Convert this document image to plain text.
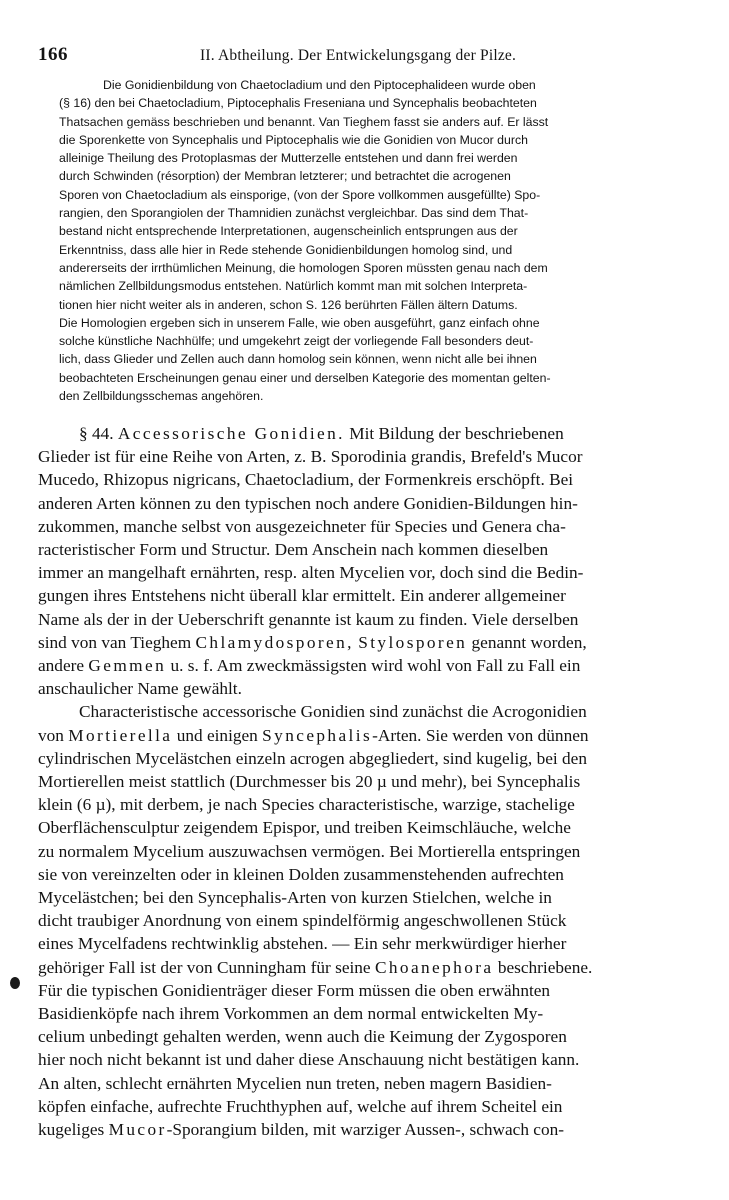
166	II. Abtheilung. Der Entwickelungsgang der Pilze.
Die Gonidienbildung von Chaetocladium und den Piptocephalideen wurde oben
(§ 16) den bei Chaetocladium, Piptocephalis Freseniana und Syncephalis beobachteten
Thatsachen gemäss beschrieben und benannt. Van Tieghem fasst sie anders auf. Er lässt
die Sporenkette von Syncephalis und Piptocephalis wie die Gonidien von Mucor durch
alleinige Theilung des Protoplasmas der Mutterzelle entstehen und dann frei werden
durch Schwinden (résorption) der Membran letzterer; und betrachtet die acrogenen
Sporen von Chaetocladium als einsporige, (von der Spore vollkommen ausgefüllte) Spo-
rangien, den Sporangiolen der Thamnidien zunächst vergleichbar. Das sind dem That-
bestand nicht entsprechende Interpretationen, augenscheinlich entsprungen aus der
Erkenntniss, dass alle hier in Rede stehende Gonidienbildungen homolog sind, und
andererseits der irrthümlichen Meinung, die homologen Sporen müssten genau nach dem
nämlichen Zellbildungsmodus entstehen. Natürlich kommt man mit solchen Interpreta-
tionen hier nicht weiter als in anderen, schon S. 126 berührten Fällen ältern Datums.
Die Homologien ergeben sich in unserem Falle, wie oben ausgeführt, ganz einfach ohne
solche künstliche Nachhülfe; und umgekehrt zeigt der vorliegende Fall besonders deut-
lich, dass Glieder und Zellen auch dann homolog sein können, wenn nicht alle bei ihnen
beobachteten Erscheinungen genau einer und derselben Kategorie des momentan gelten-
den Zellbildungsschemas angehören.

§ 44. Accessorische Gonidien. Mit Bildung der beschriebenen
Glieder ist für eine Reihe von Arten, z. B. Sporodinia grandis, Brefeld's Mucor
Mucedo, Rhizopus nigricans, Chaetocladium, der Formenkreis erschöpft. Bei
anderen Arten können zu den typischen noch andere Gonidien-Bildungen hin-
zukommen, manche selbst von ausgezeichneter für Species und Genera cha-
racteristischer Form und Structur. Dem Anschein nach kommen dieselben
immer an mangelhaft ernährten, resp. alten Mycelien vor, doch sind die Bedin-
gungen ihres Entstehens nicht überall klar ermittelt. Ein anderer allgemeiner
Name als der in der Ueberschrift genannte ist kaum zu finden. Viele derselben
sind von van Tieghem Chlamydosporen, Stylosporen genannt worden,
andere Gemmen u. s. f. Am zweckmässigsten wird wohl von Fall zu Fall ein
anschaulicher Name gewählt.

Characteristische accessorische Gonidien sind zunächst die Acrogonidien
von Mortierella und einigen Syncephalis-Arten. Sie werden von dünnen
cylindrischen Mycelästchen einzeln acrogen abgegliedert, sind kugelig, bei den
Mortierellen meist stattlich (Durchmesser bis 20 µ und mehr), bei Syncephalis
klein (6 µ), mit derbem, je nach Species characteristische, warzige, stachelige
Oberflächensculptur zeigendem Epispor, und treiben Keimschläuche, welche
zu normalem Mycelium auszuwachsen vermögen. Bei Mortierella entspringen
sie von vereinzelten oder in kleinen Dolden zusammenstehenden aufrechten
Mycelästchen; bei den Syncephalis-Arten von kurzen Stielchen, welche in
dicht traubiger Anordnung von einem spindelförmig angeschwollenen Stück
eines Mycelfadens rechtwinklig abstehen. — Ein sehr merkwürdiger hierher
gehöriger Fall ist der von Cunningham für seine Choanephora beschriebene.
Für die typischen Gonidienträger dieser Form müssen die oben erwähnten
Basidienköpfe nach ihrem Vorkommen an dem normal entwickelten My-
celium unbedingt gehalten werden, wenn auch die Keimung der Zygosporen
hier noch nicht bekannt ist und daher diese Anschauung nicht bestätigen kann.
An alten, schlecht ernährten Mycelien nun treten, neben magern Basidien-
köpfen einfache, aufrechte Fruchthyphen auf, welche auf ihrem Scheitel ein
kugeliges Mucor-Sporangium bilden, mit warziger Aussen-, schwach con-
